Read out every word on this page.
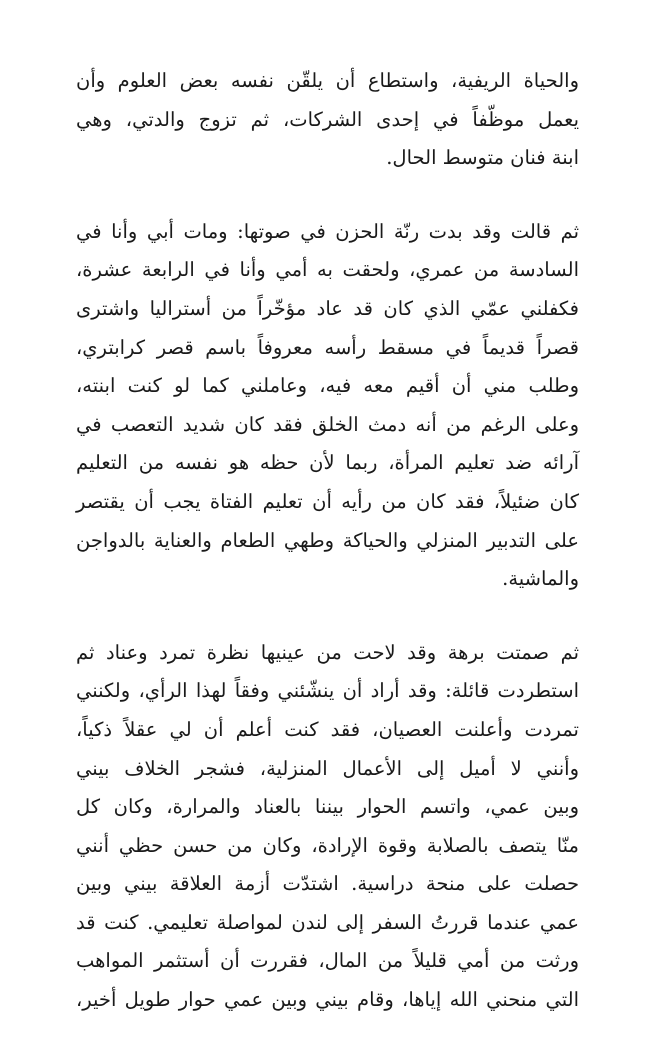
والحياة الريفية، واستطاع أن يلقّن نفسه بعض العلوم وأن
يعمل موظّفاً في إحدى الشركات، ثم تزوج والدتي، وهي
ابنة فنان متوسط الحال.

ثم قالت وقد بدت رنّة الحزن في صوتها: ومات أبي وأنا في
السادسة من عمري، ولحقت به أمي وأنا في الرابعة عشرة،
فكفلني عمّي الذي كان قد عاد مؤخّراً من أستراليا واشترى
قصراً قديماً في مسقط رأسه معروفاً باسم قصر كرابتري،
وطلب مني أن أقيم معه فيه، وعاملني كما لو كنت ابنته،
وعلى الرغم من أنه دمث الخلق فقد كان شديد التعصب في
آرائه ضد تعليم المرأة، ربما لأن حظه هو نفسه من التعليم
كان ضئيلاً، فقد كان من رأيه أن تعليم الفتاة يجب أن يقتصر
على التدبير المنزلي والحياكة وطهي الطعام والعناية بالدواجن
والماشية.

ثم صمتت برهة وقد لاحت من عينيها نظرة تمرد وعناد ثم
استطردت قائلة: وقد أراد أن ينشّئني وفقاً لهذا الرأي، ولكنني
تمردت وأعلنت العصيان، فقد كنت أعلم أن لي عقلاً ذكياً،
وأنني لا أميل إلى الأعمال المنزلية، فشجر الخلاف بيني
وبين عمي، واتسم الحوار بيننا بالعناد والمرارة، وكان كل
منّا يتصف بالصلابة وقوة الإرادة، وكان من حسن حظي أنني
حصلت على منحة دراسية. اشتدّت أزمة العلاقة بيني وبين
عمي عندما قررتُ السفر إلى لندن لمواصلة تعليمي. كنت قد
ورثت من أمي قليلاً من المال، فقررت أن أستثمر المواهب
التي منحني الله إياها، وقام بيني وبين عمي حوار طويل أخير،
